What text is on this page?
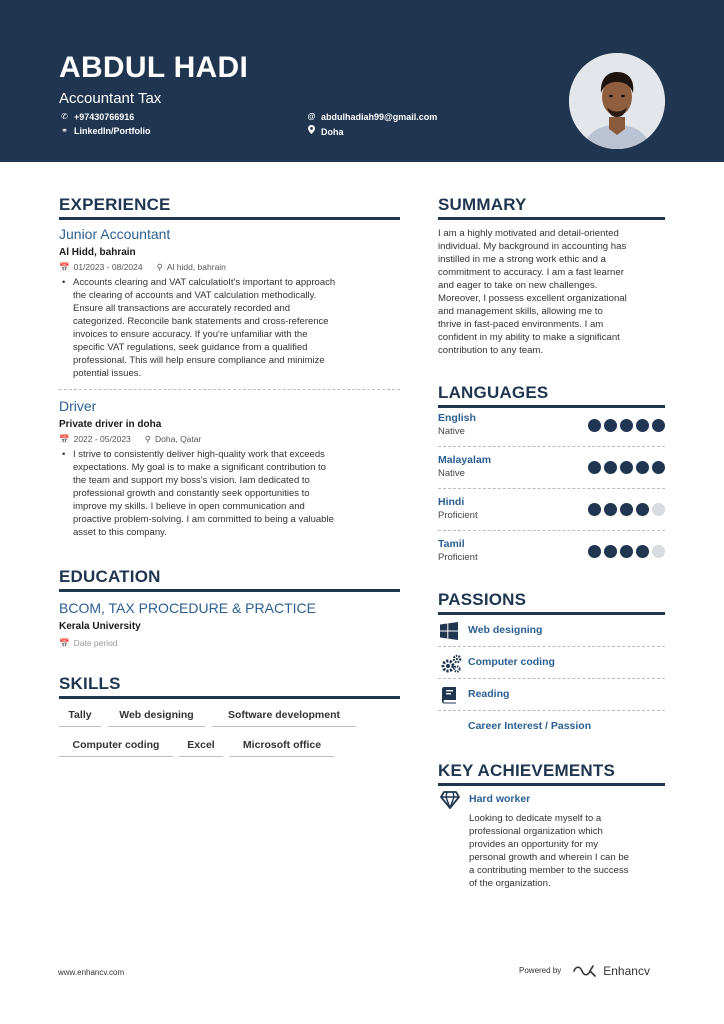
ABDUL HADI
Accountant Tax
✆ +97430766916
⚭ LinkedIn/Portfolio
@ abdulhadiah99@gmail.com
Doha
EXPERIENCE
Junior Accountant
Al Hidd, bahrain
📅 01/2023 - 08/2024 ⚲ Al hidd, bahrain
• Accounts clearing and VAT calculatioIt's important to approach
the clearing of accounts and VAT calculation methodically.
Ensure all transactions are accurately recorded and
categorized. Reconcile bank statements and cross-reference
invoices to ensure accuracy. If you're unfamiliar with the
specific VAT regulations, seek guidance from a qualified
professional. This will help ensure compliance and minimize
potential issues.
Driver
Private driver in doha
📅 2022 - 05/2023 ⚲ Doha, Qatar
• I strive to consistently deliver high-quality work that exceeds
expectations. My goal is to make a significant contribution to
the team and support my boss's vision. Iam dedicated to
professional growth and constantly seek opportunities to
improve my skills. I believe in open communication and
proactive problem-solving. I am committed to being a valuable
asset to this company.
EDUCATION
BCOM, TAX PROCEDURE & PRACTICE
Kerala University
📅 Date period
SKILLS
Tally	Web designing	Software development
Computer coding	Excel	Microsoft office
SUMMARY
I am a highly motivated and detail-oriented
individual. My background in accounting has
instilled in me a strong work ethic and a
commitment to accuracy. I am a fast learner
and eager to take on new challenges.
Moreover, I possess excellent organizational
and management skills, allowing me to
thrive in fast-paced environments. I am
confident in my ability to make a significant
contribution to any team.
LANGUAGES
English
Native
Malayalam
Native
Hindi
Proficient
Tamil
Proficient
PASSIONS
Web designing
Computer coding
Reading
Career Interest / Passion
KEY ACHIEVEMENTS
Hard worker
Looking to dedicate myself to a
professional organization which
provides an opportunity for my
personal growth and wherein I can be
a contributing member to the success
of the organization.
www.enhancv.com	Powered by	Enhancv
